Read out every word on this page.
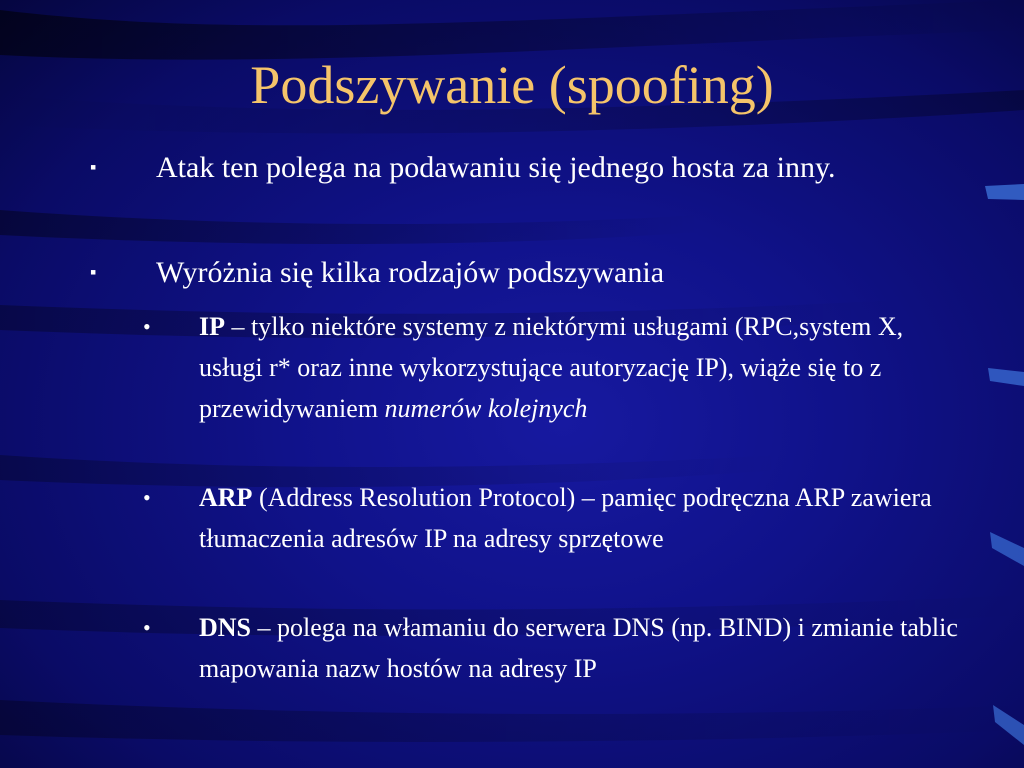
Podszywanie (spoofing)
▪	Atak ten polega na podawaniu się jednego hosta za inny.

▪	Wyróżnia się kilka rodzajów podszywania

•	IP – tylko niektóre systemy z niektórymi usługami (RPC,system X, usługi r* oraz inne wykorzystujące autoryzację IP), wiąże się to z przewidywaniem numerów kolejnych

•	ARP (Address Resolution Protocol) – pamięc podręczna ARP zawiera tłumaczenia adresów IP na adresy sprzętowe

•	DNS – polega na włamaniu do serwera DNS (np. BIND) i zmianie tablic mapowania nazw hostów na adresy IP
